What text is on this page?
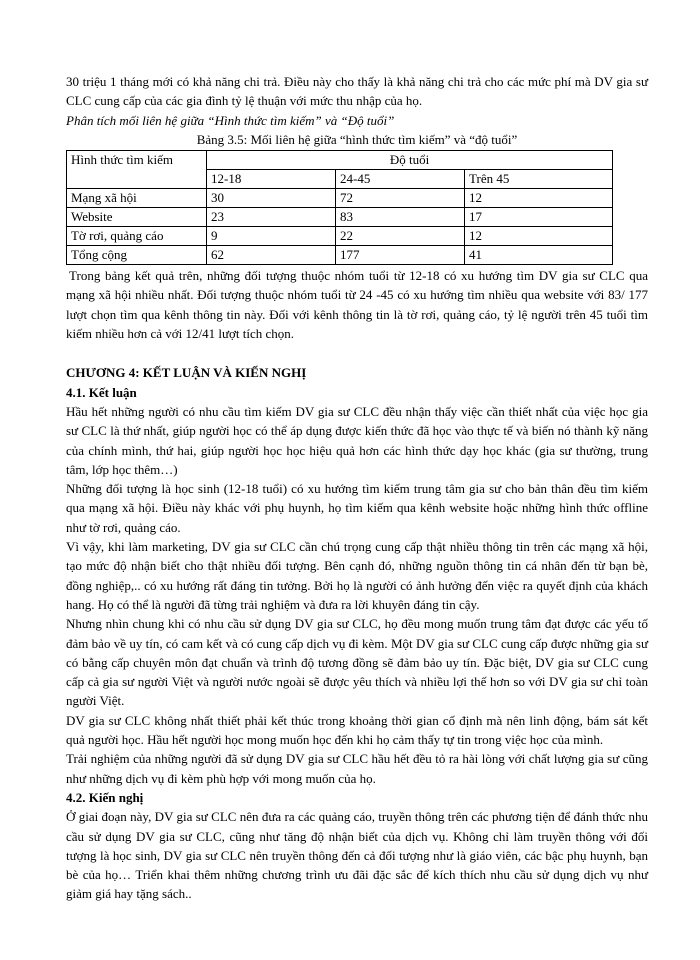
30 triệu 1 tháng mới có khả năng chi trả. Điều này cho thấy là khả năng chi trả cho các mức phí mà DV gia sư CLC cung cấp của các gia đình tỷ lệ thuận với mức thu nhập của họ.

Phân tích mối liên hệ giữa “Hình thức tìm kiếm” và “Độ tuổi”

Bảng 3.5: Mối liên hệ giữa “hình thức tìm kiếm” và “độ tuổi”

Hình thức tìm kiếm	Độ tuổi		
	12-18	24-45	Trên 45
Mạng xã hội	30	72	12
Website	23	83	17
Tờ rơi, quảng cáo	9	22	12
Tổng cộng	62	177	41

Trong bảng kết quả trên, những đối tượng thuộc nhóm tuổi từ 12-18 có xu hướng tìm DV gia sư CLC qua mạng xã hội nhiều nhất. Đối tượng thuộc nhóm tuổi từ 24 -45 có xu hướng tìm nhiều qua website với 83/ 177 lượt chọn tìm qua kênh thông tin này. Đối với kênh thông tin là tờ rơi, quảng cáo, tỷ lệ người trên 45 tuổi tìm kiếm nhiều hơn cả với 12/41 lượt tích chọn.

CHƯƠNG 4: KẾT LUẬN VÀ KIẾN NGHỊ

4.1. Kết luận

Hầu hết những người có nhu cầu tìm kiếm DV gia sư CLC đều nhận thấy việc cần thiết nhất của việc học gia sư CLC là thứ nhất, giúp người học có thể áp dụng được kiến thức đã học vào thực tế và biến nó thành kỹ năng của chính mình, thứ hai, giúp người học học hiệu quả hơn các hình thức dạy học khác (gia sư thường, trung tâm, lớp học thêm…)

Những đối tượng là học sinh (12-18 tuổi) có xu hướng tìm kiếm trung tâm gia sư cho bản thân đều tìm kiếm qua mạng xã hội. Điều này khác với phụ huynh, họ tìm kiếm qua kênh website hoặc những hình thức offline như tờ rơi, quảng cáo.

Vì vậy, khi làm marketing, DV gia sư CLC cần chú trọng cung cấp thật nhiều thông tin trên các mạng xã hội, tạo mức độ nhận biết cho thật nhiều đối tượng. Bên cạnh đó, những nguồn thông tin cá nhân đến từ bạn bè, đồng nghiệp,.. có xu hướng rất đáng tin tưởng. Bởi họ là người có ảnh hưởng đến việc ra quyết định của khách hang. Họ có thể là người đã từng trải nghiệm và đưa ra lời khuyên đáng tin cậy.

Nhưng nhìn chung khi có nhu cầu sử dụng DV gia sư CLC, họ đều mong muốn trung tâm đạt được các yếu tố đảm bảo về uy tín, có cam kết và có cung cấp dịch vụ đi kèm. Một DV gia sư CLC cung cấp được những gia sư có bằng cấp chuyên môn đạt chuẩn và trình độ tương đồng sẽ đảm bảo uy tín. Đặc biệt, DV gia sư CLC cung cấp cả gia sư người Việt và người nước ngoài sẽ được yêu thích và nhiều lợi thế hơn so với DV gia sư chỉ toàn người Việt.

DV gia sư CLC không nhất thiết phải kết thúc trong khoảng thời gian cố định mà nên linh động, bám sát kết quả người học. Hầu hết người học mong muốn học đến khi họ cảm thấy tự tin trong việc học của mình.

Trải nghiệm của những người đã sử dụng DV gia sư CLC hầu hết đều tỏ ra hài lòng với chất lượng gia sư cũng như những dịch vụ đi kèm phù hợp với mong muốn của họ.

4.2. Kiến nghị

Ở giai đoạn này, DV gia sư CLC nên đưa ra các quảng cáo, truyền thông trên các phương tiện để đánh thức nhu cầu sử dụng DV gia sư CLC, cũng như tăng độ nhận biết của dịch vụ. Không chỉ làm truyền thông với đối tượng là học sinh, DV gia sư CLC nên truyền thông đến cả đối tượng như là giáo viên, các bậc phụ huynh, bạn bè của họ… Triển khai thêm những chương trình ưu đãi đặc sắc để kích thích nhu cầu sử dụng dịch vụ như giảm giá hay tặng sách..
